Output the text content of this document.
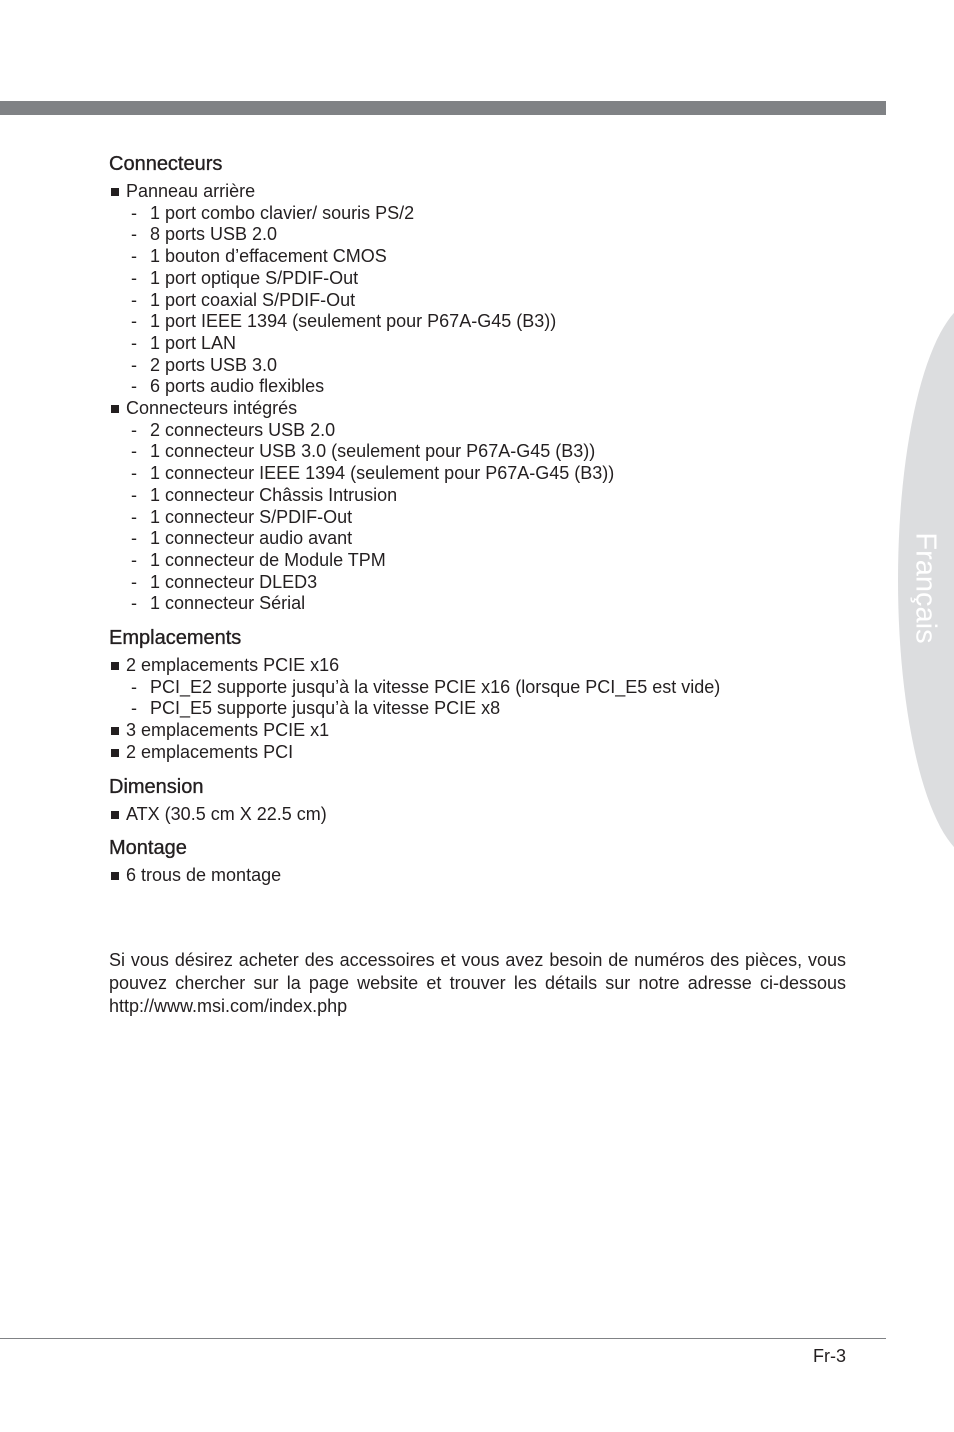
Français
Connecteurs
Panneau arrière
- 1 port combo clavier/ souris PS/2
- 8 ports USB 2.0
- 1 bouton d’effacement CMOS
- 1 port optique S/PDIF-Out
- 1 port coaxial S/PDIF-Out
- 1 port IEEE 1394 (seulement pour P67A-G45 (B3))
- 1 port LAN
- 2 ports USB 3.0
- 6 ports audio flexibles
Connecteurs intégrés
- 2 connecteurs USB 2.0
- 1 connecteur USB 3.0 (seulement pour P67A-G45 (B3))
- 1 connecteur IEEE 1394 (seulement pour P67A-G45 (B3))
- 1 connecteur Châssis Intrusion
- 1 connecteur S/PDIF-Out
- 1 connecteur audio avant
- 1 connecteur de Module TPM
- 1 connecteur DLED3
- 1 connecteur Sérial
Emplacements
2 emplacements PCIE x16
- PCI_E2 supporte jusqu’à la vitesse PCIE x16 (lorsque PCI_E5 est vide)
- PCI_E5 supporte jusqu’à la vitesse PCIE x8
3 emplacements PCIE x1
2 emplacements PCI
Dimension
ATX (30.5 cm X 22.5 cm)
Montage
6 trous de montage

Si vous désirez acheter des accessoires et vous avez besoin de numéros des pièces, vous pouvez chercher sur la page website et trouver les détails sur notre adresse ci-dessous http://www.msi.com/index.php

Fr-3
